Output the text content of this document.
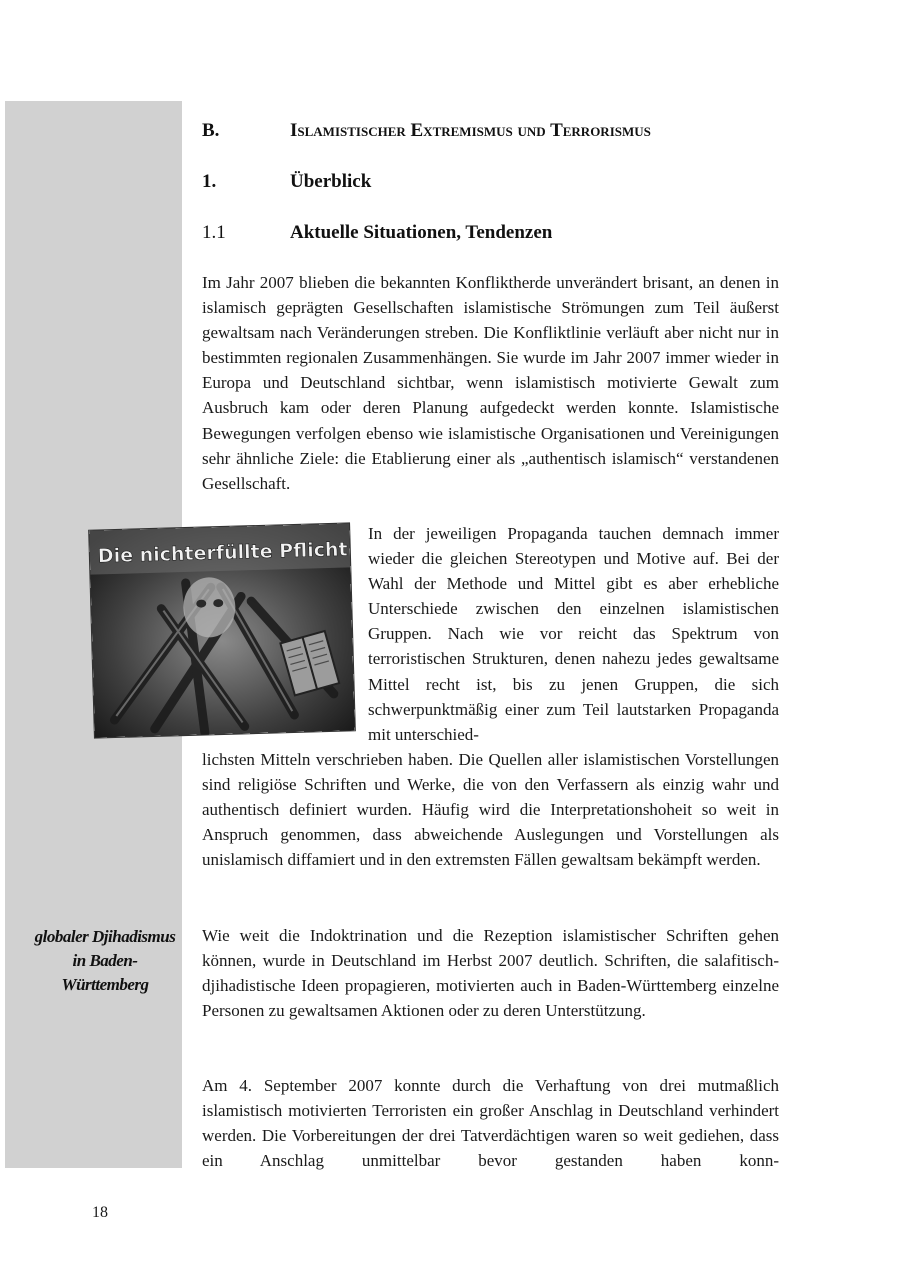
B.	Islamistischer Extremismus und Terrorismus
1.	Überblick
1.1	Aktuelle Situationen, Tendenzen

Im Jahr 2007 blieben die bekannten Konfliktherde unverändert brisant, an denen in islamisch geprägten Gesellschaften islamistische Strömungen zum Teil äußerst gewaltsam nach Veränderungen streben. Die Konfliktlinie verläuft aber nicht nur in bestimmten regionalen Zusammenhängen. Sie wurde im Jahr 2007 immer wieder in Europa und Deutschland sichtbar, wenn islamistisch motivierte Gewalt zum Ausbruch kam oder deren Planung aufgedeckt werden konnte. Islamistische Bewegungen verfolgen ebenso wie islamistische Organisationen und Vereinigungen sehr ähnliche Ziele: die Etablierung einer als „authentisch islamisch“ verstandenen Gesellschaft.

Die nichterfüllte Pflicht

In der jeweiligen Propaganda tauchen demnach immer wieder die gleichen Stereotypen und Motive auf. Bei der Wahl der Methode und Mittel gibt es aber erhebliche Unterschiede zwischen den einzelnen islamistischen Gruppen. Nach wie vor reicht das Spektrum von terroristischen Strukturen, denen nahezu jedes gewaltsame Mittel recht ist, bis zu jenen Gruppen, die sich schwerpunktmäßig einer zum Teil lautstarken Propaganda mit unterschied-

lichsten Mitteln verschrieben haben. Die Quellen aller islamistischen Vorstellungen sind religiöse Schriften und Werke, die von den Verfassern als einzig wahr und authentisch definiert wurden. Häufig wird die Interpretationshoheit so weit in Anspruch genommen, dass abweichende Auslegungen und Vorstellungen als unislamisch diffamiert und in den extremsten Fällen gewaltsam bekämpft werden.

globaler Djihadismus in Baden-Württemberg

Wie weit die Indoktrination und die Rezeption islamistischer Schriften gehen können, wurde in Deutschland im Herbst 2007 deutlich. Schriften, die salafitisch-djihadistische Ideen propagieren, motivierten auch in Baden-Württemberg einzelne Personen zu gewaltsamen Aktionen oder zu deren Unterstützung.

Am 4. September 2007 konnte durch die Verhaftung von drei mutmaßlich islamistisch motivierten Terroristen ein großer Anschlag in Deutschland verhindert werden. Die Vorbereitungen der drei Tatverdächtigen waren so weit gediehen, dass ein Anschlag unmittelbar bevor gestanden haben konn-

18
